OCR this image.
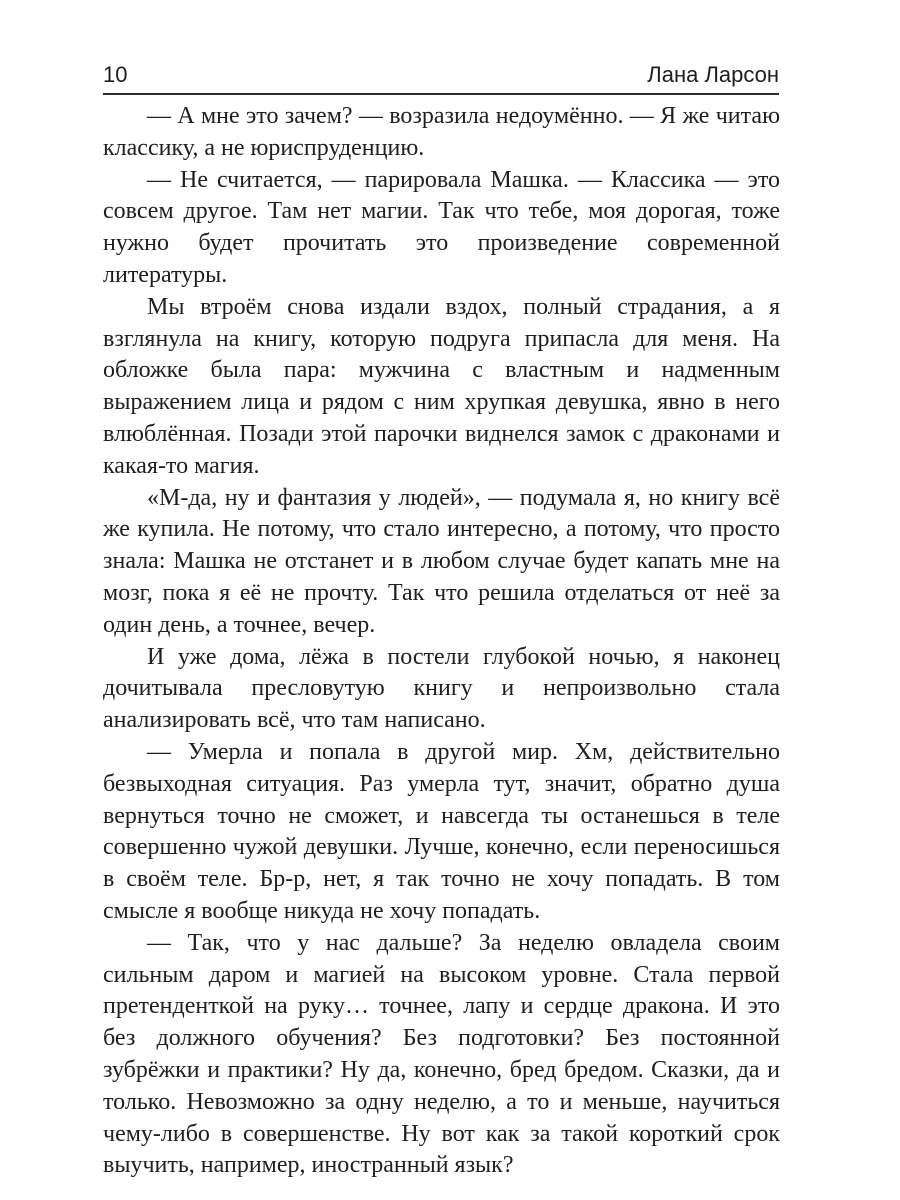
10	Лана Ларсон

— А мне это зачем? — возразила недоумённо. — Я же читаю классику, а не юриспруденцию.

— Не считается, — парировала Машка. — Классика — это совсем другое. Там нет магии. Так что тебе, моя дорогая, тоже нужно будет прочитать это произведение современной литературы.

Мы втроём снова издали вздох, полный страдания, а я взглянула на книгу, которую подруга припасла для меня. На обложке была пара: мужчина с властным и надменным выражением лица и рядом с ним хрупкая девушка, явно в него влюблённая. Позади этой парочки виднелся замок с драконами и какая-то магия.

«М-да, ну и фантазия у людей», — подумала я, но книгу всё же купила. Не потому, что стало интересно, а потому, что просто знала: Машка не отстанет и в любом случае будет капать мне на мозг, пока я её не прочту. Так что решила отделаться от неё за один день, а точнее, вечер.

И уже дома, лёжа в постели глубокой ночью, я наконец дочитывала пресловутую книгу и непроизвольно стала анализировать всё, что там написано.

— Умерла и попала в другой мир. Хм, действительно безвыходная ситуация. Раз умерла тут, значит, обратно душа вернуться точно не сможет, и навсегда ты останешься в теле совершенно чужой девушки. Лучше, конечно, если переносишься в своём теле. Бр-р, нет, я так точно не хочу попадать. В том смысле я вообще никуда не хочу попадать.

— Так, что у нас дальше? За неделю овладела своим сильным даром и магией на высоком уровне. Стала первой претенденткой на руку… точнее, лапу и сердце дракона. И это без должного обучения? Без подготовки? Без постоянной зубрёжки и практики? Ну да, конечно, бред бредом. Сказки, да и только. Невозможно за одну неделю, а то и меньше, научиться чему-либо в совершенстве. Ну вот как за такой короткий срок выучить, например, иностранный язык?
